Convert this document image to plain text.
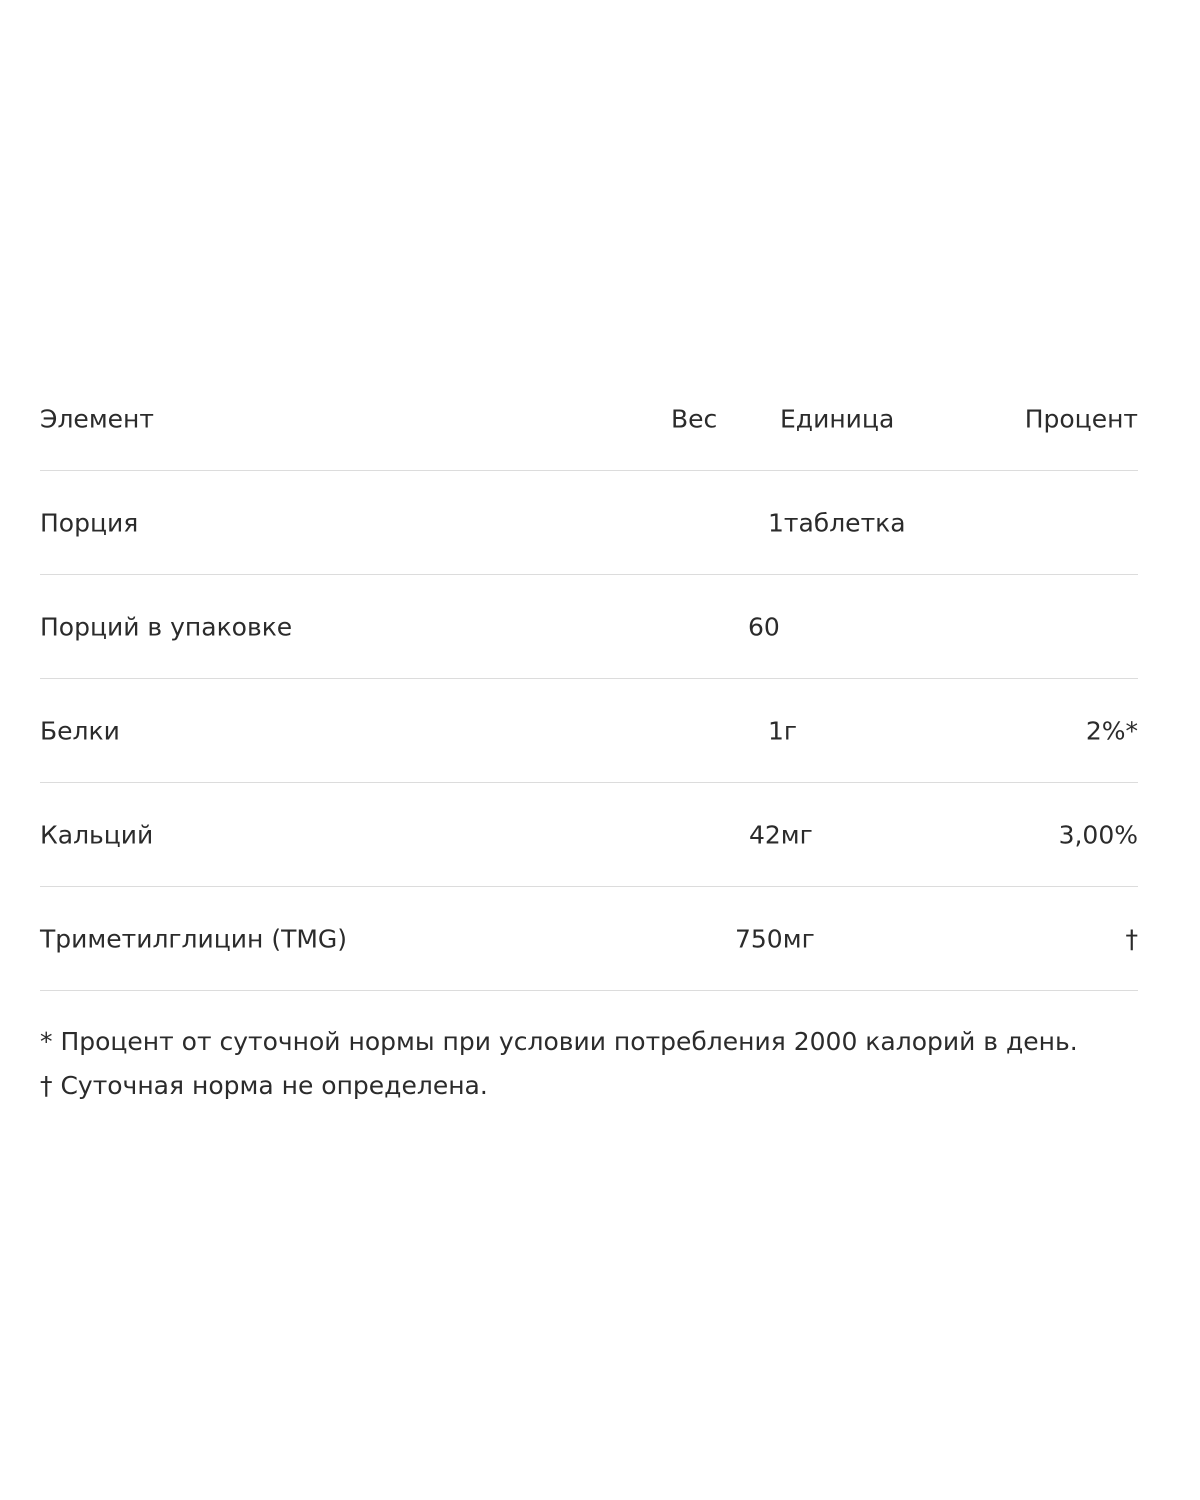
Элемент	Вес	Единица	Процент
Порция	1таблетка
Порций в упаковке	60
Белки	1г	2%*
Кальций	42мг	3,00%
Триметилглицин (TMG)	750мг	†
* Процент от суточной нормы при условии потребления 2000 калорий в день.
† Суточная норма не определена.
